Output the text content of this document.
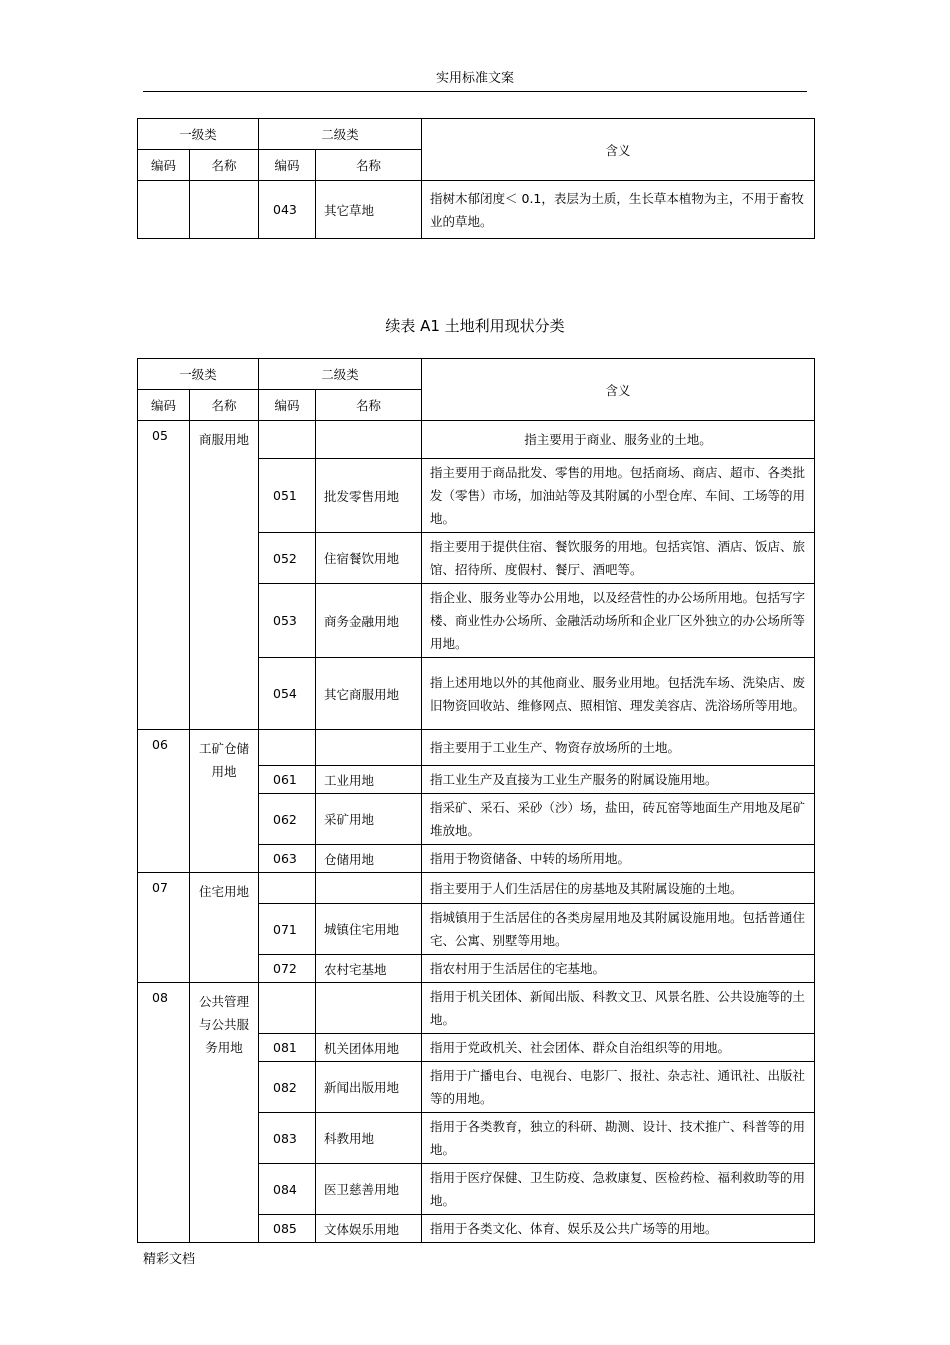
实用标准文案
一级类		二级类		含义
编码	名称	编码	名称	
		043	其它草地	指树木郁闭度＜ 0.1，表层为土质，生长草本植物为主，不用于畜牧业的草地。
续表 A1 土地利用现状分类
一级类		二级类		含义
编码	名称	编码	名称	
05	商服用地			指主要用于商业、服务业的土地。
		051	批发零售用地	指主要用于商品批发、零售的用地。包括商场、商店、超市、各类批发（零售）市场，加油站等及其附属的小型仓库、车间、工场等的用地。
		052	住宿餐饮用地	指主要用于提供住宿、餐饮服务的用地。包括宾馆、酒店、饭店、旅馆、招待所、度假村、餐厅、酒吧等。
		053	商务金融用地	指企业、服务业等办公用地，以及经营性的办公场所用地。包括写字楼、商业性办公场所、金融活动场所和企业厂区外独立的办公场所等用地。
		054	其它商服用地	指上述用地以外的其他商业、服务业用地。包括洗车场、洗染店、废旧物资回收站、维修网点、照相馆、理发美容店、洗浴场所等用地。
06	工矿仓储用地			指主要用于工业生产、物资存放场所的土地。
		061	工业用地	指工业生产及直接为工业生产服务的附属设施用地。
		062	采矿用地	指采矿、采石、采砂（沙）场，盐田，砖瓦窑等地面生产用地及尾矿堆放地。
		063	仓储用地	指用于物资储备、中转的场所用地。
07	住宅用地			指主要用于人们生活居住的房基地及其附属设施的土地。
		071	城镇住宅用地	指城镇用于生活居住的各类房屋用地及其附属设施用地。包括普通住宅、公寓、别墅等用地。
		072	农村宅基地	指农村用于生活居住的宅基地。
08	公共管理与公共服务用地			指用于机关团体、新闻出版、科教文卫、风景名胜、公共设施等的土地。
		081	机关团体用地	指用于党政机关、社会团体、群众自治组织等的用地。
		082	新闻出版用地	指用于广播电台、电视台、电影厂、报社、杂志社、通讯社、出版社等的用地。
		083	科教用地	指用于各类教育，独立的科研、勘测、设计、技术推广、科普等的用地。
		084	医卫慈善用地	指用于医疗保健、卫生防疫、急救康复、医检药检、福利救助等的用地。
		085	文体娱乐用地	指用于各类文化、体育、娱乐及公共广场等的用地。
精彩文档
